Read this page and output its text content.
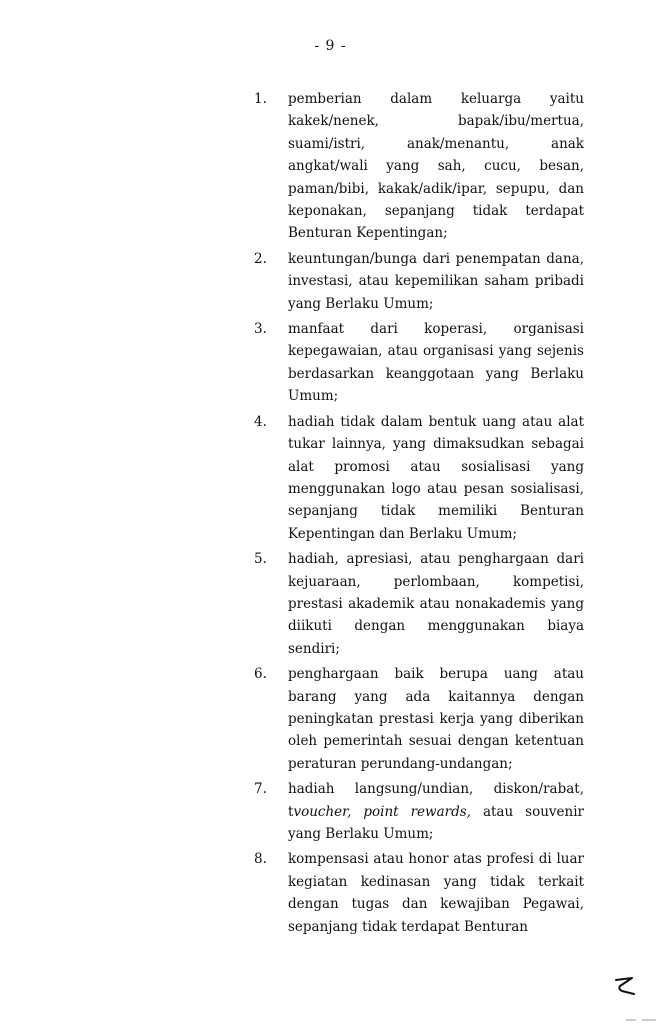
- 9 -
1.	pemberian dalam keluarga yaitu kakek/nenek, bapak/ibu/mertua, suami/istri, anak/menantu, anak angkat/wali yang sah, cucu, besan, paman/bibi, kakak/adik/ipar, sepupu, dan keponakan, sepanjang tidak terdapat Benturan Kepentingan;
2.	keuntungan/bunga dari penempatan dana, investasi, atau kepemilikan saham pribadi yang Berlaku Umum;
3.	manfaat dari koperasi, organisasi kepegawaian, atau organisasi yang sejenis berdasarkan keanggotaan yang Berlaku Umum;
4.	hadiah tidak dalam bentuk uang atau alat tukar lainnya, yang dimaksudkan sebagai alat promosi atau sosialisasi yang menggunakan logo atau pesan sosialisasi, sepanjang tidak memiliki Benturan Kepentingan dan Berlaku Umum;
5.	hadiah, apresiasi, atau penghargaan dari kejuaraan, perlombaan, kompetisi, prestasi akademik atau nonakademis yang diikuti dengan menggunakan biaya sendiri;
6.	penghargaan baik berupa uang atau barang yang ada kaitannya dengan peningkatan prestasi kerja yang diberikan oleh pemerintah sesuai dengan ketentuan peraturan perundang-undangan;
7.	hadiah langsung/undian, diskon/rabat, tvoucher, point rewards, atau souvenir yang Berlaku Umum;
8.	kompensasi atau honor atas profesi di luar kegiatan kedinasan yang tidak terkait dengan tugas dan kewajiban Pegawai, sepanjang tidak terdapat Benturan
